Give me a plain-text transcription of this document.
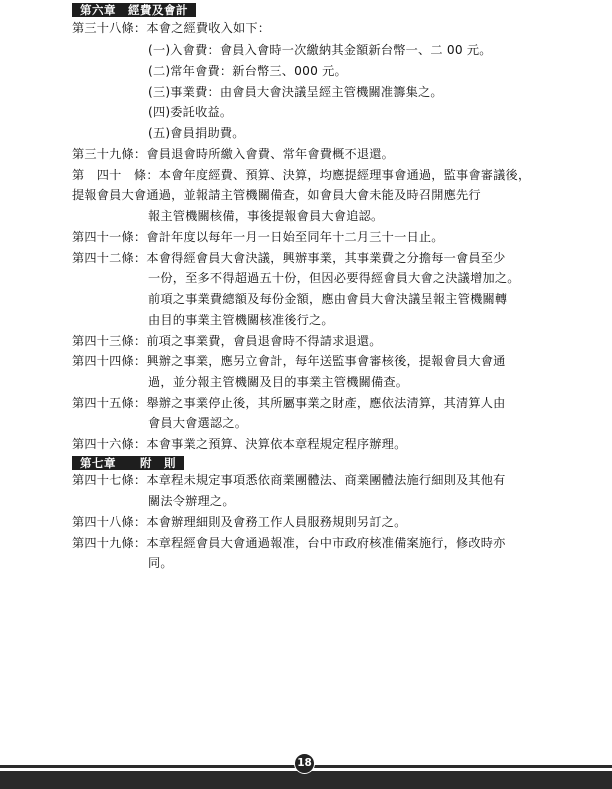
第六章　經費及會計
第三十八條：本會之經費收入如下：
(一)入會費：會員入會時一次繳納其金額新台幣一、二 00 元。
(二)常年會費：新台幣三、000 元。
(三)事業費：由會員大會決議呈經主管機關准籌集之。
(四)委託收益。
(五)會員捐助費。
第三十九條：會員退會時所繳入會費、常年會費概不退還。
第　四十　條：本會年度經費、預算、決算，均應提經理事會通過，監事會審議後，
提報會員大會通過，並報請主管機關備查，如會員大會未能及時召開應先行
報主管機關核備，事後提報會員大會追認。
第四十一條：會計年度以每年一月一日始至同年十二月三十一日止。
第四十二條：本會得經會員大會決議，興辦事業，其事業費之分擔每一會員至少
一份，至多不得超過五十份，但因必要得經會員大會之決議增加之。
前項之事業費總額及每份金額，應由會員大會決議呈報主管機關轉
由目的事業主管機關核准後行之。
第四十三條：前項之事業費，會員退會時不得請求退還。
第四十四條：興辦之事業，應另立會計，每年送監事會審核後，提報會員大會通
過，並分報主管機關及目的事業主管機關備查。
第四十五條：舉辦之事業停止後，其所屬事業之財產，應依法清算，其清算人由
會員大會選認之。
第四十六條：本會事業之預算、決算依本章程規定程序辦理。
第七章　　附　則
第四十七條：本章程未規定事項悉依商業團體法、商業團體法施行細則及其他有
關法令辦理之。
第四十八條：本會辦理細則及會務工作人員服務規則另訂之。
第四十九條：本章程經會員大會通過報准，台中市政府核准備案施行，修改時亦
同。
18
